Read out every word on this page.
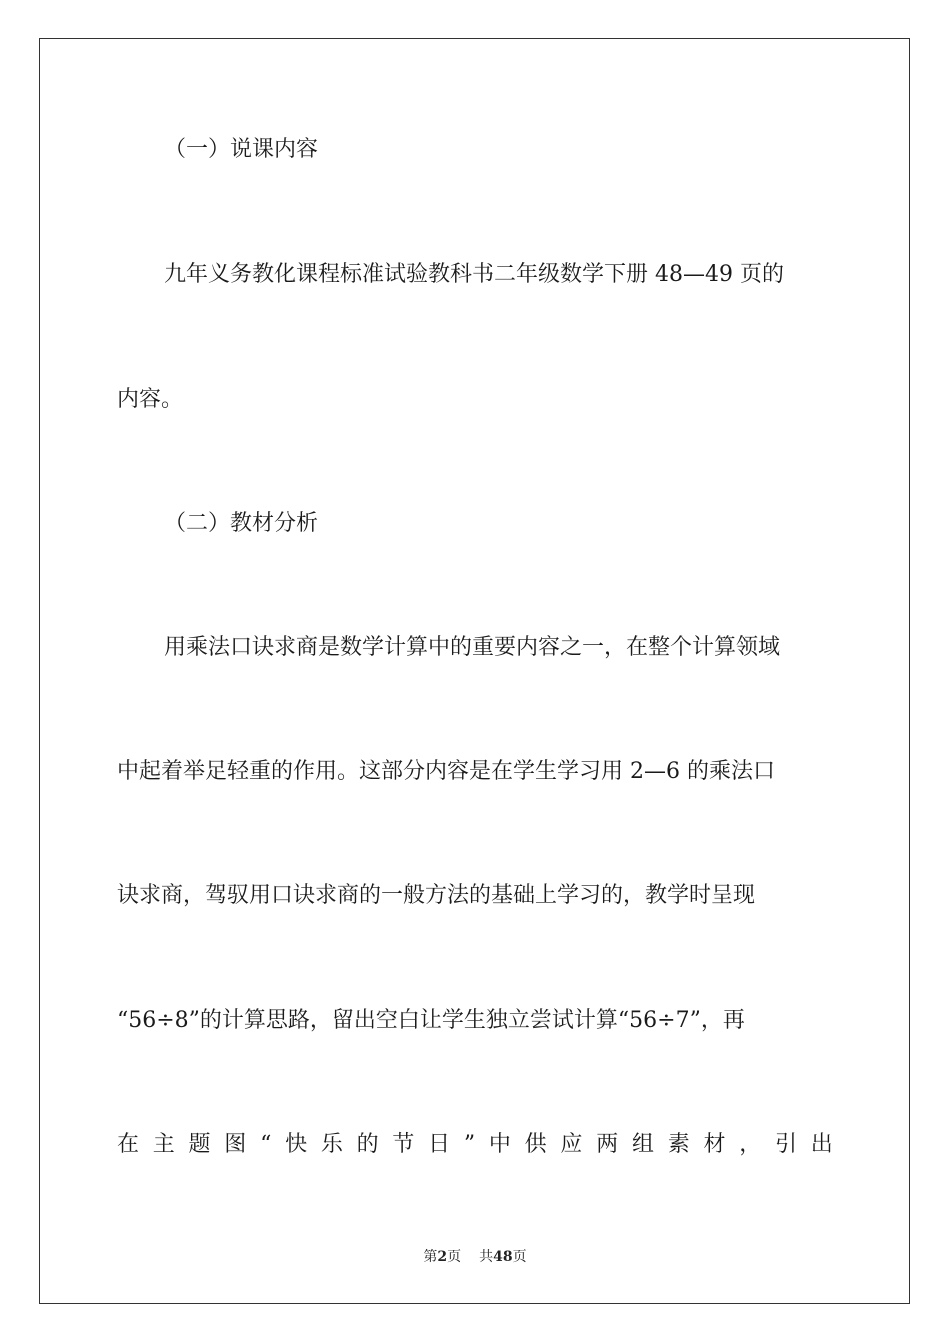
（一）说课内容
九年义务教化课程标准试验教科书二年级数学下册 48—49 页的
内容。
（二）教材分析
用乘法口诀求商是数学计算中的重要内容之一，在整个计算领域
中起着举足轻重的作用。这部分内容是在学生学习用 2—6 的乘法口
诀求商，驾驭用口诀求商的一般方法的基础上学习的，教学时呈现
“56÷8”的计算思路，留出空白让学生独立尝试计算“56÷7”，再
在 主 题 图 “ 快 乐 的 节 日 ” 中 供 应 两 组 素 材 ， 引 出
第2页 共48页
